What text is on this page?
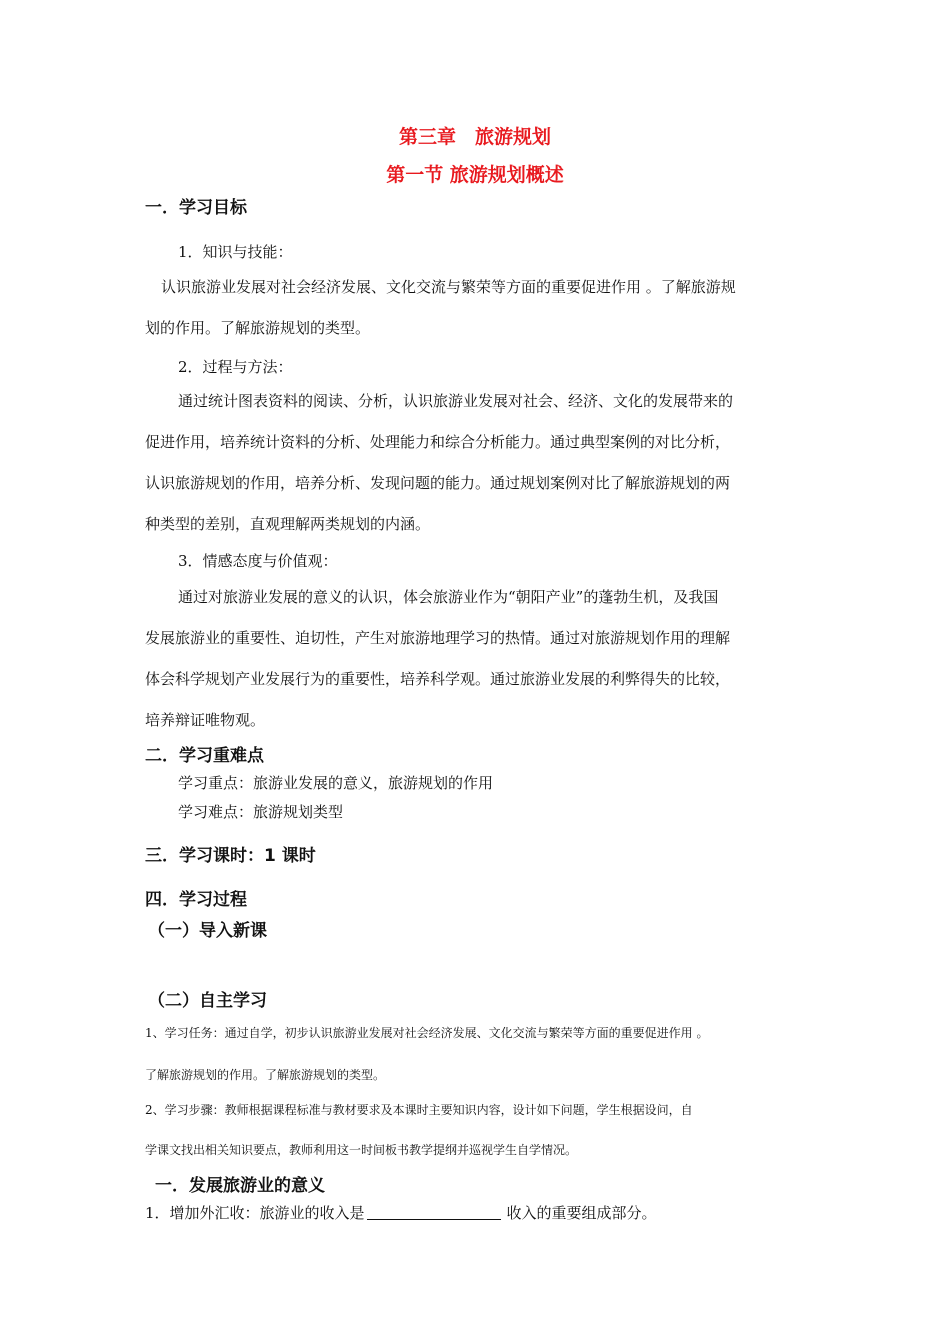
第三章　旅游规划
第一节 旅游规划概述
一．学习目标
1．知识与技能：
认识旅游业发展对社会经济发展、文化交流与繁荣等方面的重要促进作用 。了解旅游规
划的作用。了解旅游规划的类型。
2．过程与方法：
通过统计图表资料的阅读、分析，认识旅游业发展对社会、经济、文化的发展带来的
促进作用，培养统计资料的分析、处理能力和综合分析能力。通过典型案例的对比分析，
认识旅游规划的作用，培养分析、发现问题的能力。通过规划案例对比了解旅游规划的两
种类型的差别，直观理解两类规划的内涵。
3．情感态度与价值观：
通过对旅游业发展的意义的认识，体会旅游业作为“朝阳产业”的蓬勃生机，及我国
发展旅游业的重要性、迫切性，产生对旅游地理学习的热情。通过对旅游规划作用的理解
体会科学规划产业发展行为的重要性，培养科学观。通过旅游业发展的利弊得失的比较，
培养辩证唯物观。
二．学习重难点
学习重点：旅游业发展的意义，旅游规划的作用
学习难点：旅游规划类型
三．学习课时：1 课时
四．学习过程
（一）导入新课
（二）自主学习
1、学习任务：通过自学，初步认识旅游业发展对社会经济发展、文化交流与繁荣等方面的重要促进作用 。
了解旅游规划的作用。了解旅游规划的类型。
2、学习步骤：教师根据课程标准与教材要求及本课时主要知识内容，设计如下问题，学生根据设问，自
学课文找出相关知识要点，教师利用这一时间板书教学提纲并巡视学生自学情况。
一．发展旅游业的意义
1．增加外汇收：旅游业的收入是	收入的重要组成部分。
